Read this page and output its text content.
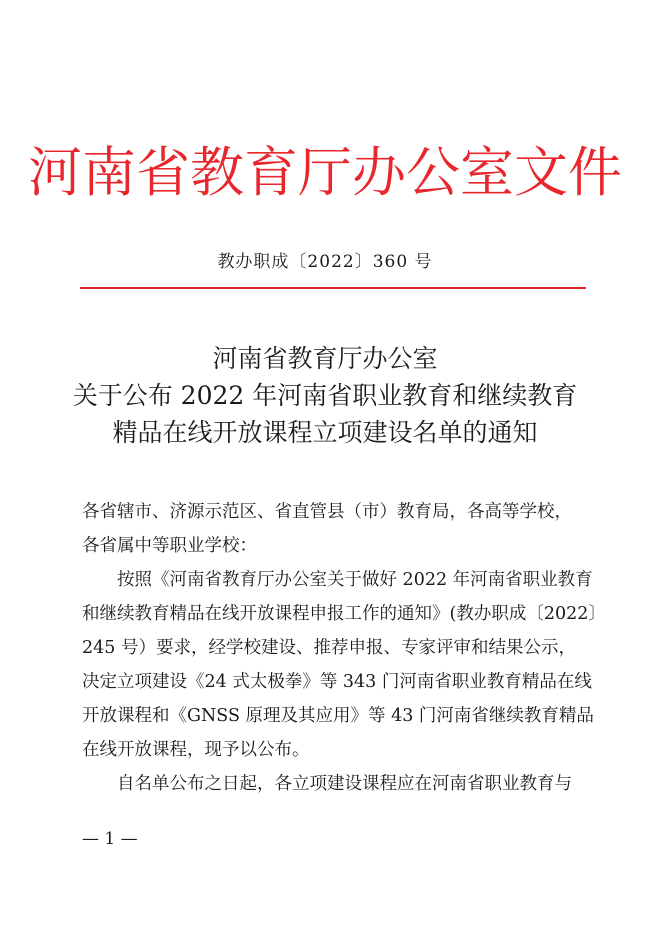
河南省教育厅办公室文件
教办职成〔2022〕360 号
河南省教育厅办公室
关于公布 2022 年河南省职业教育和继续教育
精品在线开放课程立项建设名单的通知
各省辖市、济源示范区、省直管县（市）教育局，各高等学校，
各省属中等职业学校：
按照《河南省教育厅办公室关于做好 2022 年河南省职业教育
和继续教育精品在线开放课程申报工作的通知》(教办职成〔2022〕
245 号）要求，经学校建设、推荐申报、专家评审和结果公示，
决定立项建设《24 式太极拳》等 343 门河南省职业教育精品在线
开放课程和《GNSS 原理及其应用》等 43 门河南省继续教育精品
在线开放课程，现予以公布。
自名单公布之日起，各立项建设课程应在河南省职业教育与
— 1 —
